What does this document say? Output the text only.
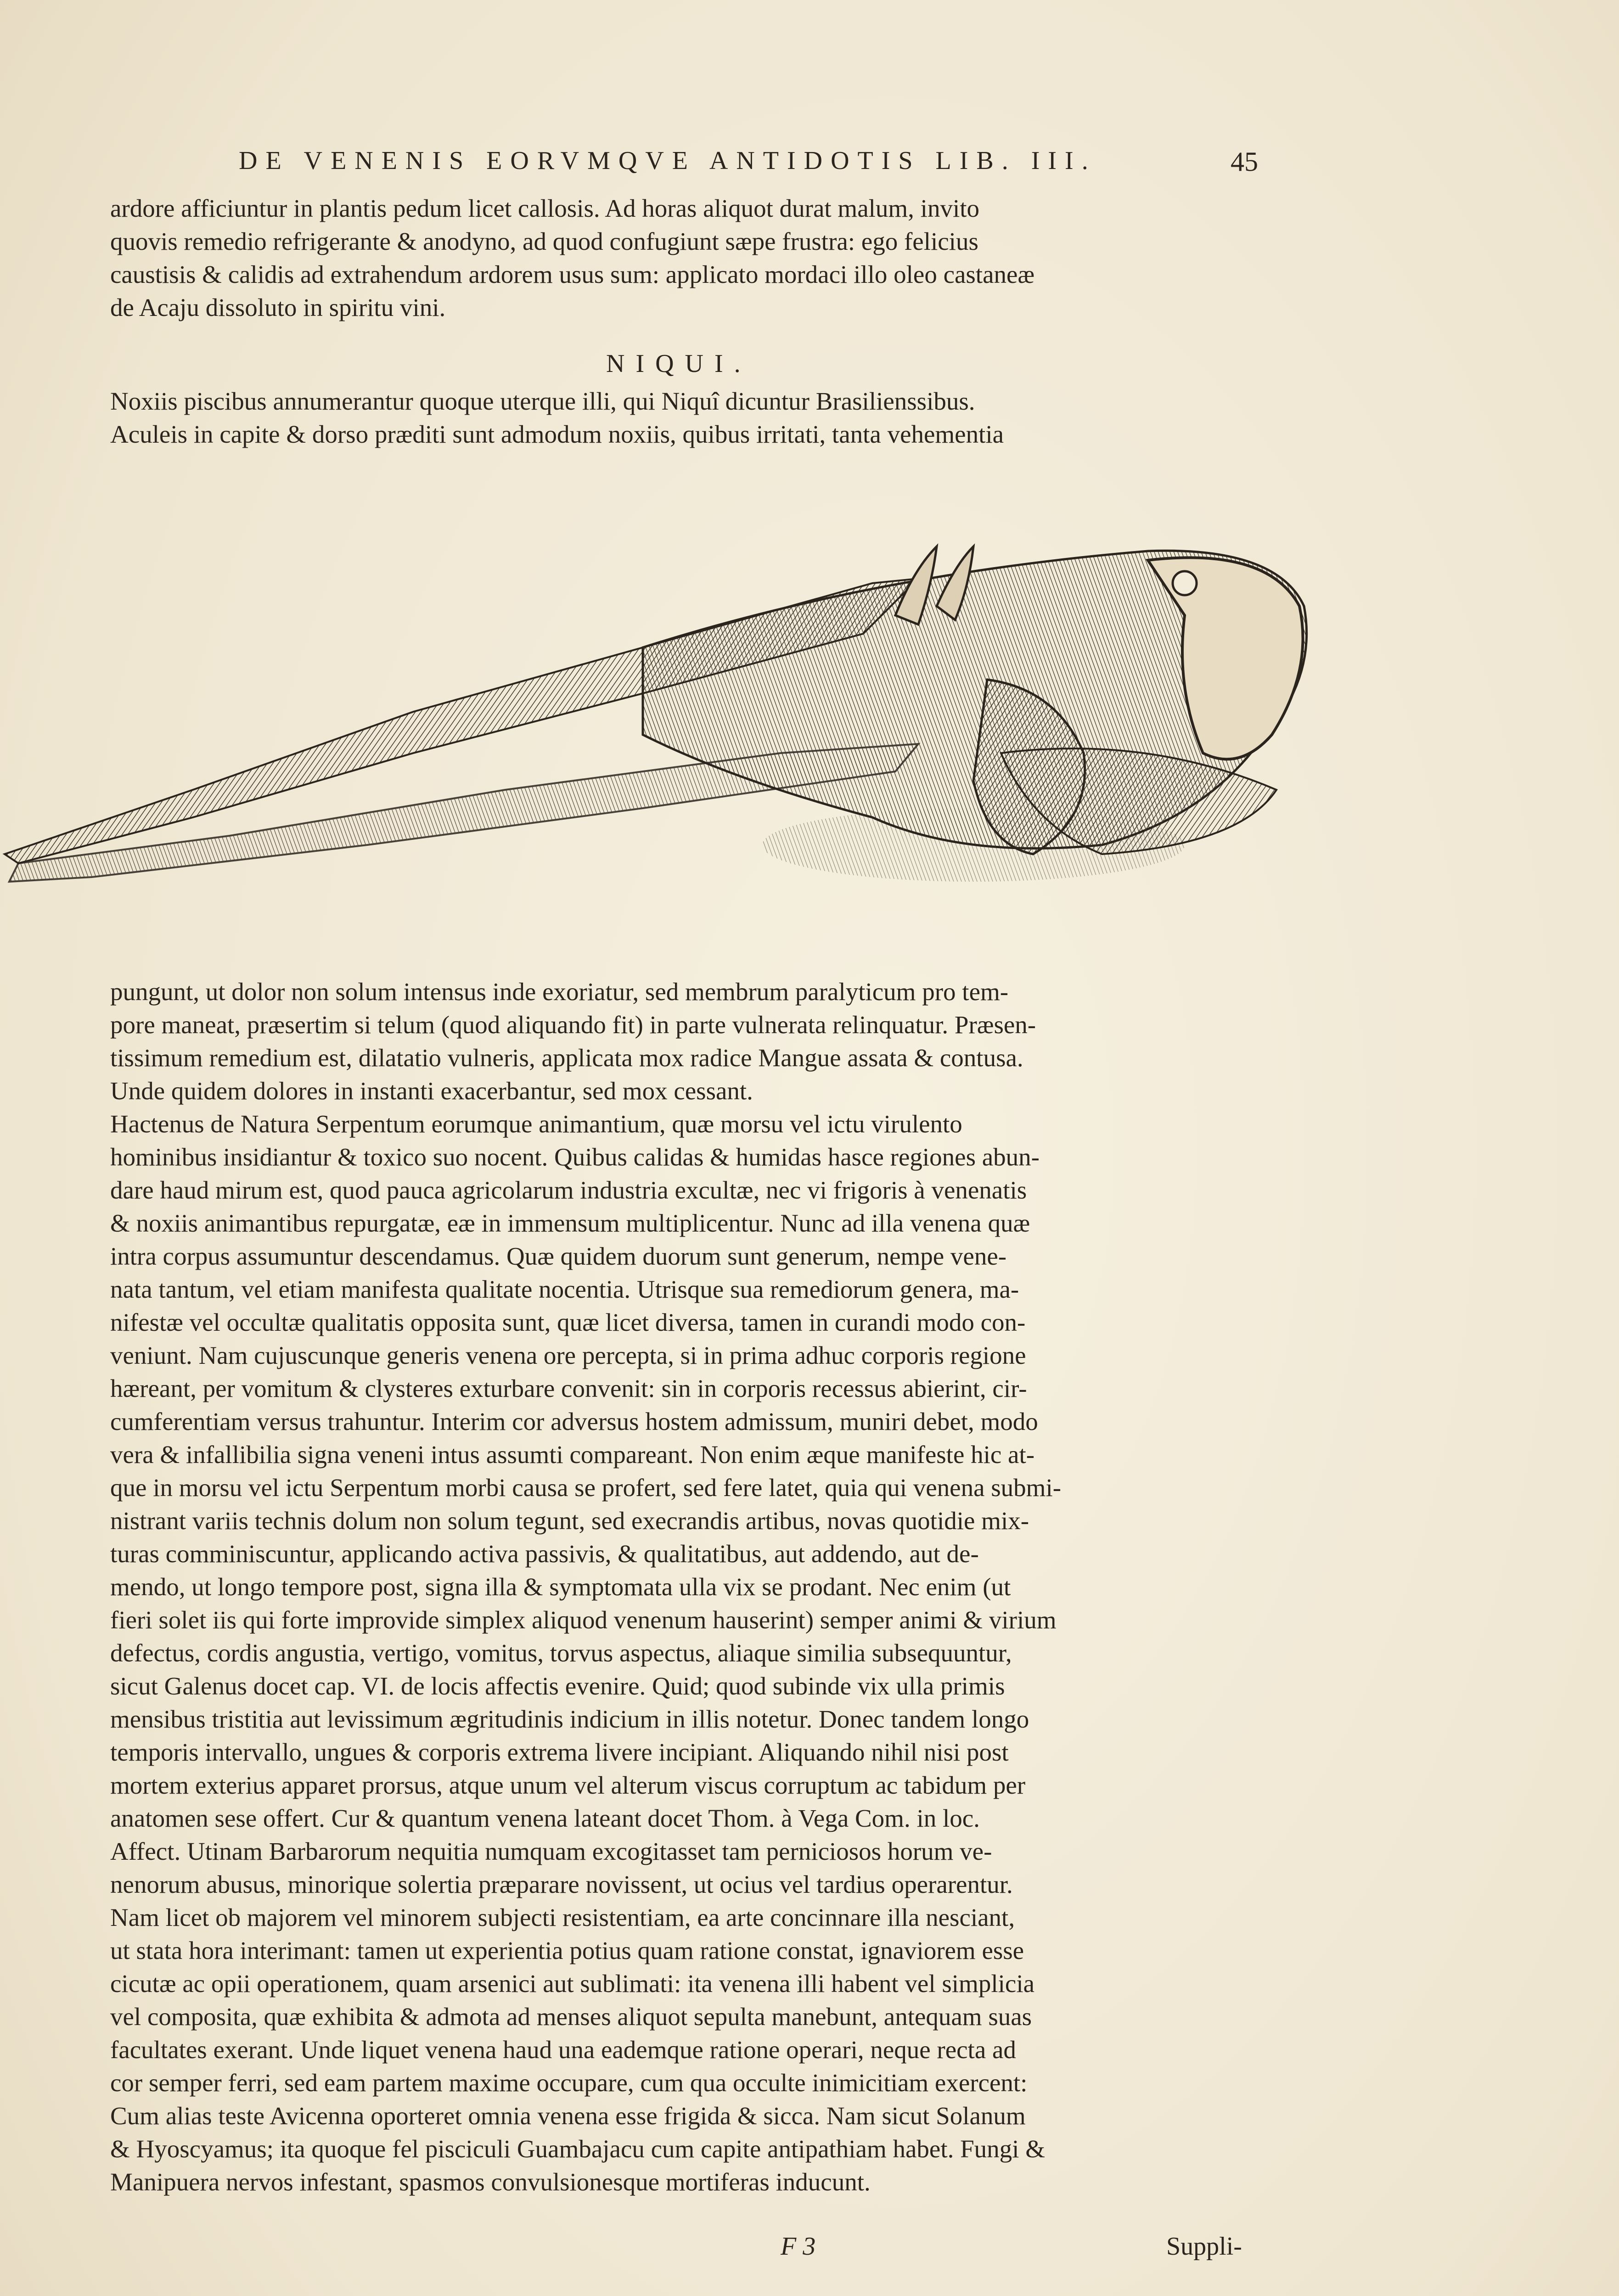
DE VENENIS EORVMQVE ANTIDOTIS LIB. III.	45
ardore afficiuntur in plantis pedum licet callosis. Ad horas aliquot durat malum, invito
quovis remedio refrigerante & anodyno, ad quod confugiunt sæpe frustra: ego felicius
caustisis & calidis ad extrahendum ardorem usus sum: applicato mordaci illo oleo castaneæ
de Acaju dissoluto in spiritu vini.
NIQUI.
Noxiis piscibus annumerantur quoque uterque illi, qui Niquî dicuntur Brasilienssibus.
Aculeis in capite & dorso præditi sunt admodum noxiis, quibus irritati, tanta vehementia
pungunt, ut dolor non solum intensus inde exoriatur, sed membrum paralyticum pro tem-
pore maneat, præsertim si telum (quod aliquando fit) in parte vulnerata relinquatur. Præsen-
tissimum remedium est, dilatatio vulneris, applicata mox radice Mangue assata & contusa.
Unde quidem dolores in instanti exacerbantur, sed mox cessant.
Hactenus de Natura Serpentum eorumque animantium, quæ morsu vel ictu virulento
hominibus insidiantur & toxico suo nocent. Quibus calidas & humidas hasce regiones abun-
dare haud mirum est, quod pauca agricolarum industria excultæ, nec vi frigoris à venenatis
& noxiis animantibus repurgatæ, eæ in immensum multiplicentur. Nunc ad illa venena quæ
intra corpus assumuntur descendamus. Quæ quidem duorum sunt generum, nempe vene-
nata tantum, vel etiam manifesta qualitate nocentia. Utrisque sua remediorum genera, ma-
nifestæ vel occultæ qualitatis opposita sunt, quæ licet diversa, tamen in curandi modo con-
veniunt. Nam cujuscunque generis venena ore percepta, si in prima adhuc corporis regione
hæreant, per vomitum & clysteres exturbare convenit: sin in corporis recessus abierint, cir-
cumferentiam versus trahuntur. Interim cor adversus hostem admissum, muniri debet, modo
vera & infallibilia signa veneni intus assumti compareant. Non enim æque manifeste hic at-
que in morsu vel ictu Serpentum morbi causa se profert, sed fere latet, quia qui venena submi-
nistrant variis technis dolum non solum tegunt, sed execrandis artibus, novas quotidie mix-
turas comminiscuntur, applicando activa passivis, & qualitatibus, aut addendo, aut de-
mendo, ut longo tempore post, signa illa & symptomata ulla vix se prodant. Nec enim (ut
fieri solet iis qui forte improvide simplex aliquod venenum hauserint) semper animi & virium
defectus, cordis angustia, vertigo, vomitus, torvus aspectus, aliaque similia subsequuntur,
sicut Galenus docet cap. VI. de locis affectis evenire. Quid; quod subinde vix ulla primis
mensibus tristitia aut levissimum ægritudinis indicium in illis notetur. Donec tandem longo
temporis intervallo, ungues & corporis extrema livere incipiant. Aliquando nihil nisi post
mortem exterius apparet prorsus, atque unum vel alterum viscus corruptum ac tabidum per
anatomen sese offert. Cur & quantum venena lateant docet Thom. à Vega Com. in loc.
Affect. Utinam Barbarorum nequitia numquam excogitasset tam perniciosos horum ve-
nenorum abusus, minorique solertia præparare novissent, ut ocius vel tardius operarentur.
Nam licet ob majorem vel minorem subjecti resistentiam, ea arte concinnare illa nesciant,
ut stata hora interimant: tamen ut experientia potius quam ratione constat, ignaviorem esse
cicutæ ac opii operationem, quam arsenici aut sublimati: ita venena illi habent vel simplicia
vel composita, quæ exhibita & admota ad menses aliquot sepulta manebunt, antequam suas
facultates exerant. Unde liquet venena haud una eademque ratione operari, neque recta ad
cor semper ferri, sed eam partem maxime occupare, cum qua occulte inimicitiam exercent:
Cum alias teste Avicenna oporteret omnia venena esse frigida & sicca. Nam sicut Solanum
& Hyoscyamus; ita quoque fel pisciculi Guambajacu cum capite antipathiam habet. Fungi &
Manipuera nervos infestant, spasmos convulsionesque mortiferas inducunt.
F 3	Suppli-
